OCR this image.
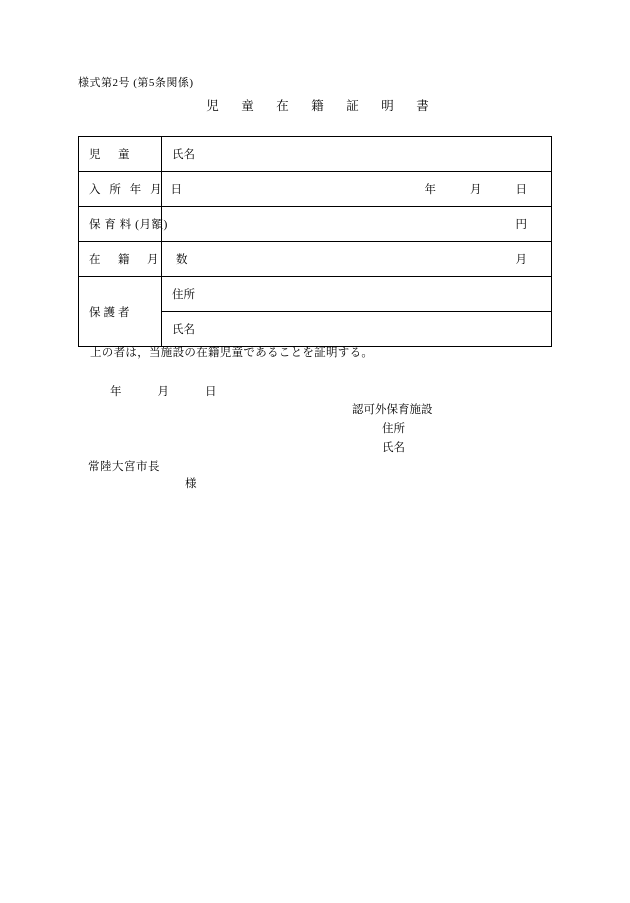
様式第2号 (第5条関係)
児　童　在　籍　証　明　書
児　童	氏名
入 所 年 月 日	年 月 日

保 育 料 (月額)	円

在　籍　月　数	月

保護者	住所
	氏名
上の者は，当施設の在籍児童であることを証明する。
年	月	日
認可外保育施設
住所
氏名
常陸大宮市長
様
